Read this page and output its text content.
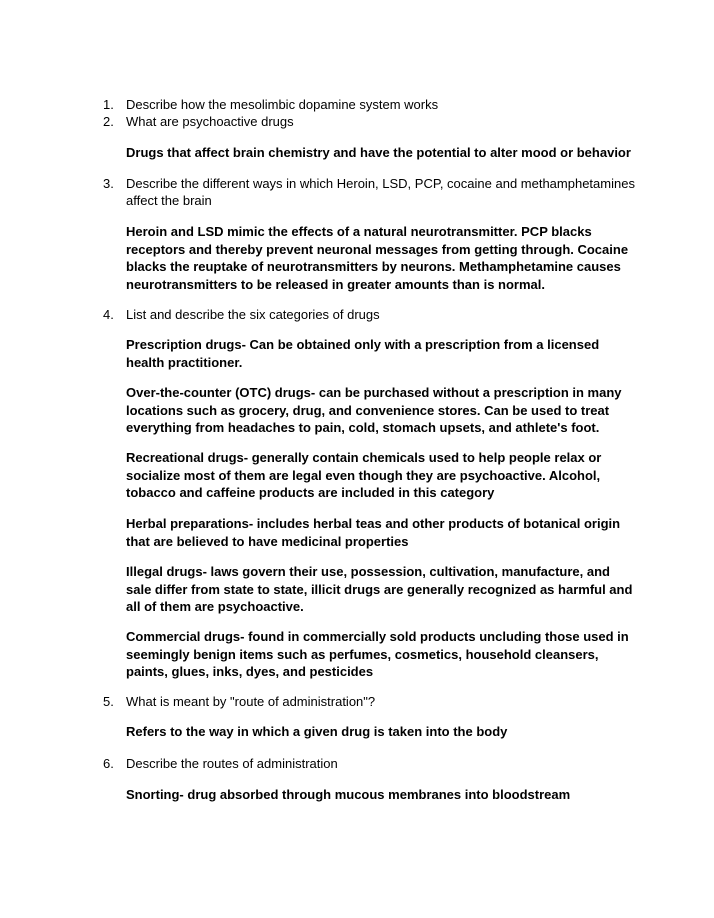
1. Describe how the mesolimbic dopamine system works
2. What are psychoactive drugs
Drugs that affect brain chemistry and have the potential to alter mood or behavior
3. Describe the different ways in which Heroin, LSD, PCP, cocaine and methamphetamines affect the brain
Heroin and LSD mimic the effects of a natural neurotransmitter. PCP blacks receptors and thereby prevent neuronal messages from getting through. Cocaine blacks the reuptake of neurotransmitters by neurons. Methamphetamine causes neurotransmitters to be released in greater amounts than is normal.
4. List and describe the six categories of drugs
Prescription drugs- Can be obtained only with a prescription from a licensed health practitioner.
Over-the-counter (OTC) drugs- can be purchased without a prescription in many locations such as grocery, drug, and convenience stores. Can be used to treat everything from headaches to pain, cold, stomach upsets, and athlete's foot.
Recreational drugs- generally contain chemicals used to help people relax or socialize most of them are legal even though they are psychoactive. Alcohol, tobacco and caffeine products are included in this category
Herbal preparations- includes herbal teas and other products of botanical origin that are believed to have medicinal properties
Illegal drugs- laws govern their use, possession, cultivation, manufacture, and sale differ from state to state, illicit drugs are generally recognized as harmful and all of them are psychoactive.
Commercial drugs- found in commercially sold products uncluding those used in seemingly benign items such as perfumes, cosmetics, household cleansers, paints, glues, inks, dyes, and pesticides
5. What is meant by "route of administration"?
Refers to the way in which a given drug is taken into the body
6. Describe the routes of administration
Snorting- drug absorbed through mucous membranes into bloodstream
